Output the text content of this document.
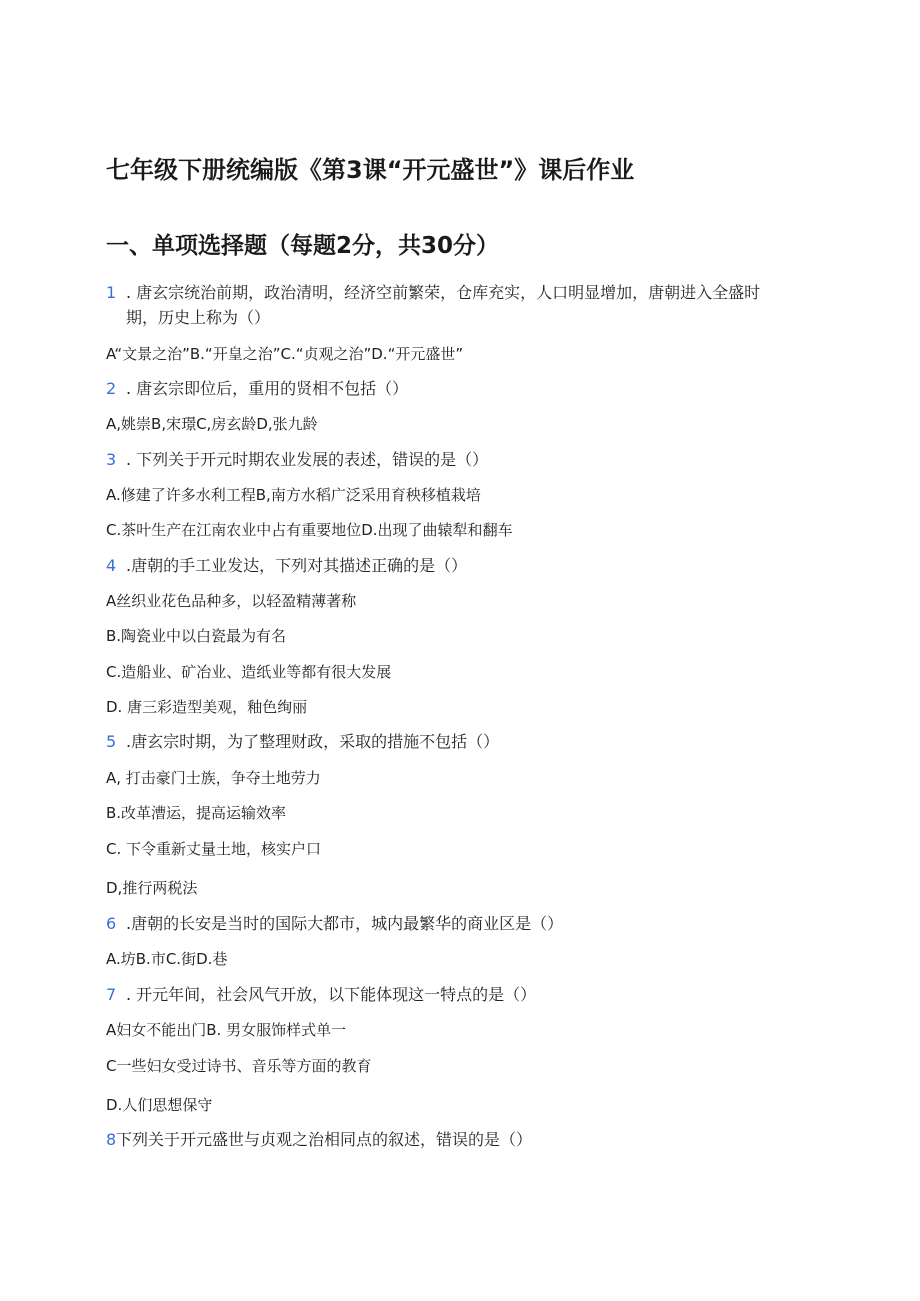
七年级下册统编版《第3课“开元盛世”》课后作业
一、单项选择题（每题2分，共30分）
1 . 唐玄宗统治前期，政治清明，经济空前繁荣，仓库充实，人口明显增加，唐朝进入全盛时
期，历史上称为（）
A“文景之治”B.“开皇之治”C.“贞观之治”D.“开元盛世”
2 . 唐玄宗即位后，重用的贤相不包括（）
A,姚崇B,宋璟C,房玄龄D,张九龄
3 . 下列关于开元时期农业发展的表述，错误的是（）
A.修建了许多水利工程B,南方水稻广泛采用育秧移植栽培
C.茶叶生产在江南农业中占有重要地位D.出现了曲辕犁和翻车
4 .唐朝的手工业发达，下列对其描述正确的是（）
A丝织业花色品种多，以轻盈精薄著称
B.陶瓷业中以白瓷最为有名
C.造船业、矿冶业、造纸业等都有很大发展
D. 唐三彩造型美观，釉色绚丽
5 .唐玄宗时期，为了整理财政，采取的措施不包括（）
A, 打击豪门士族，争夺土地劳力
B.改革漕运，提高运输效率
C. 下令重新丈量土地，核实户口
D,推行两税法
6 .唐朝的长安是当时的国际大都市，城内最繁华的商业区是（）
A.坊B.市C.街D.巷
7 . 开元年间，社会风气开放，以下能体现这一特点的是（）
A妇女不能出门B. 男女服饰样式单一
C一些妇女受过诗书、音乐等方面的教育
D.人们思想保守
8下列关于开元盛世与贞观之治相同点的叙述，错误的是（）
